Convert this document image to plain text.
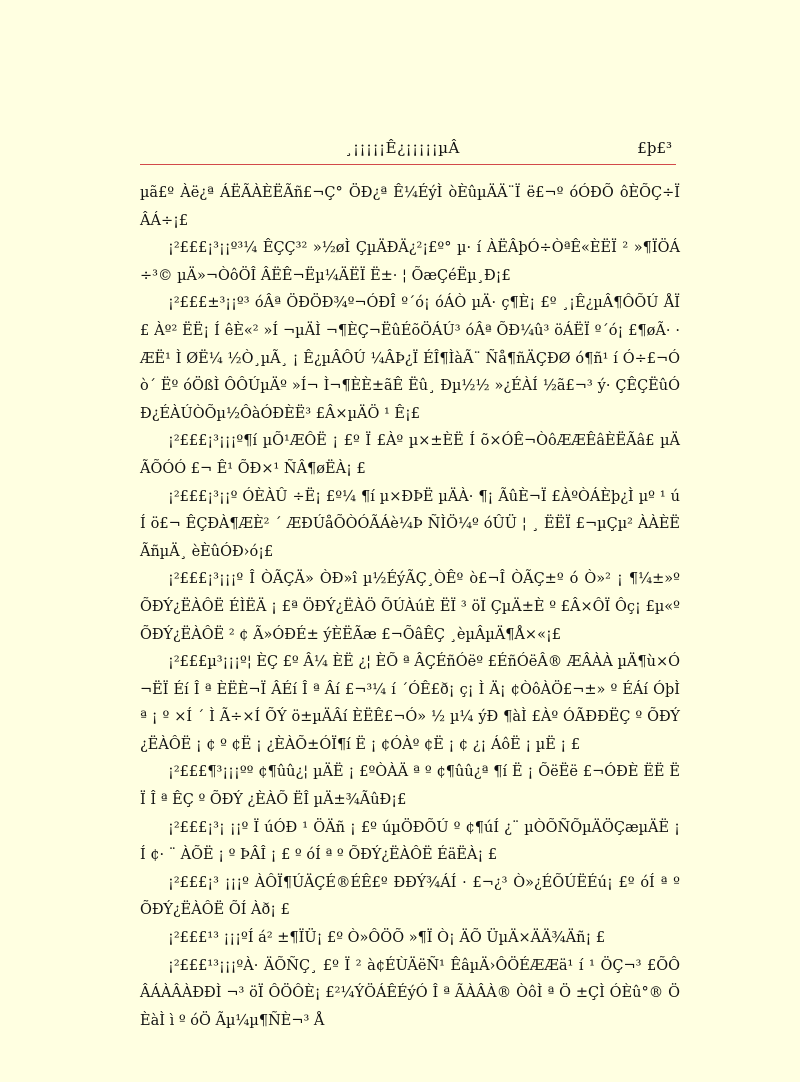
¸¡¡¡¡¡Ê¿¡¡¡¡¡µÂ	£þ£³

µã£º Àë¿ª ÁËÃÀÈËÃñ£¬Ç° ÖÐ¿ª Ê¼ÉýÌ òÈûµÄÄ¨Ï ë£¬º óÓÐÕ ôÈÕÇ÷Ï ÂÁ÷¡£

¡²£££¡³¡¡º³¼ ÊÇÇ³² »½øÌ ÇµÄÐÄ¿²¡£º° µ· í ÀËÂþÓ÷ÒªÊ«ÈËÏ ² »¶ÏÖÁ÷³© µÄ»¬ÒôÖÎ ÂËÊ¬Ëµ¼ÄËÏ Ë±· ¦ ÕæÇéËµ¸Ð¡£

¡²£££±³¡¡º³ óÂª ÖÐÖÐ¾º¬ÓÐÎ º´ó¡ óÁÒ µÄ· ç¶È¡ £º ¸¡Ê¿µÂ¶ÔÕÚ ÅÏ £ Àº² ËË¡ Í êÈ«² »Í ¬µÄÌ ¬¶ÈÇ¬ËûÉõÖÁÚ³ óÂª ÕÐ¼û³ öÁËÏ º´ó¡ £¶øÃ· · ÆË¹ Ì ØË¼ ½Ò¸µÃ¸ ¡ Ê¿µÂÔÚ ¼ÂÞ¿Ï ÉÎ¶ÌàÃ¨ Ñå¶ñÄÇÐØ ó¶ñ¹ í Ó÷£¬Ó ò´ Ëº óÖßÌ ÔÔÚµÄº »Í¬ Ì¬¶ÈÈ±ãÊ Ëû¸ Ðµ½½ »¿ÉÀÍ ½ã£¬³ ý· ÇÊÇËûÓÐ¿ÉÀÚÒÕµ½ÔàÓÐÈË³ £Â×µÄÖ ¹ Ê¡£

¡²£££¡³¡¡¡º¶í µÕ¹ÆÔË ¡ £º Ï £Àº µ×±ÈË Í õ×ÓÊ¬ÒôÆÆÊâÈËÃâ£ µÄÃÕÓÓ £¬ Ê¹ ÕÐ×¹ ÑÂ¶øËÀ¡ £

¡²£££¡³¡¡º ÓÈÀÛ ÷Ë¡ £º¼ ¶í µ×ÐÞË µÄÀ· ¶¡ ÃûÈ¬Ï £ÀºÒÁÈþ¿Ì µº ¹ úÍ ö£¬ ÊÇÐÀ¶ÆÈ² ´ ÆÐÚåÕÒÓÃÁè¼Þ ÑÌÖ¼º óÛÜ ¦ ¸ ËËÏ £¬µÇµ² ÀÀÈËÃñµÄ¸ èÈûÓÐ›ó¡£

¡²£££¡³¡¡¡º Î ÒÃÇÄ» ÒÐ»î µ½ÉýÃÇ¸ÒÊº ò£¬Î ÒÃÇ±º ó Ò»² ¡ ¶¼±»º ÕÐÝ¿ËÀÔË ÉÌËÄ ¡ £ª ÖÐÝ¿ËÀÖ ÕÚÀúÈ ËÏ ³ öÏ ÇµÄ±È º £Â×ÔÏ Ôç¡ £µ«º ÕÐÝ¿ËÀÔË ² ¢ Ã»ÓÐÉ± ýÈËÃæ £¬ÕâÊÇ ¸èµÂµÄ¶Å×«¡£

¡²£££µ³¡¡¡º¦ ÈÇ £º Â¼ ÈË ¿¦ ÈÕ ª ÂÇÉñÓëº £ÉñÓëÂ® ÆÂÀÀ µÄ¶ù×Ó¬ËÏ Éí Î ª ÈËÈ¬Ï ÂÉí Î ª Âí £¬³¼ í ´ÓÊ£ð¡ ç¡ Ì Ä¡ ¢ÒôÀÖ£¬±» º ÉÁí ÓþÌ ª ¡ º ×Í ´ Ì Ã÷×Í ÕÝ ö±µÄÂí ÈËÊ£¬Ó» ½ µ¼ ýÐ ¶àÌ £Àº ÓÃÐÐËÇ º ÕÐÝ¿ËÀÔË ¡ ¢ º ¢Ë ¡ ¿ÈÀÕ±ÓÏ¶í Ë ¡ ¢ÓÀº ¢Ë ¡ ¢ ¿¡ ÁôË ¡ µË ¡ £

¡²£££¶³¡¡¡ºº ¢¶ûû¿¦ µÄË ¡ £ºÒÀÄ ª º ¢¶ûû¿ª ¶í Ë ¡ ÕëËë £¬ÓÐÈ ËË ËÏ Î ª ÊÇ º ÕÐÝ ¿ÈÀÕ ËÎ µÄ±¾ÃûÐ¡£

¡²£££¡³¡ ¡¡º Ï úÓÐ ¹ ÖÄñ ¡ £º úµÖÐÕÚ º ¢¶úÍ ¿¨ µÒÕÑÕµÄÖÇæµÄË ¡ Í ¢· ¨ ÀÕË ¡ º ÞÂÎ ¡ £ º óÍ ª º ÕÐÝ¿ËÀÔË ÉäËÀ¡ £

¡²£££¡³ ¡¡¡º ÀÔÏ¶ÚÄÇÉ®ÉÊ£º ÐÐÝ¾ÁÍ · £¬¿³ Ò»¿ÉÕÚËÉú¡ £º óÍ ª º ÕÐÝ¿ËÀÔË ÕÍ Àð¡ £

¡²£££¹³ ¡¡¡ºÍ á² ±¶ÏÜ¡ £º Ò»ÔÖÕ »¶Ï Ò¡ ÄÕ ÜµÄ×ÄÄ¾Äñ¡ £

¡²£££¹³¡¡¡ºÀ· ÄÕÑÇ¸ £º Ï ² à¢ÉÙÄëÑ¹ ÊâµÄ›ÔÖÉÆÆä¹ í ¹ ÖÇ¬³ £ÕÔÂÁÀÂÀÐÐÌ ¬³ öÏ ÔÖÔÈ¡ £²¼ÝÖÁÊÉýÓ Î ª ÃÀÂÀ® ÒôÌ ª Ö ±ÇÌ ÓÈû°® ÖÈàÌ ì º óÖ Ãµ¼µ¶ÑÈ¬³ Å
